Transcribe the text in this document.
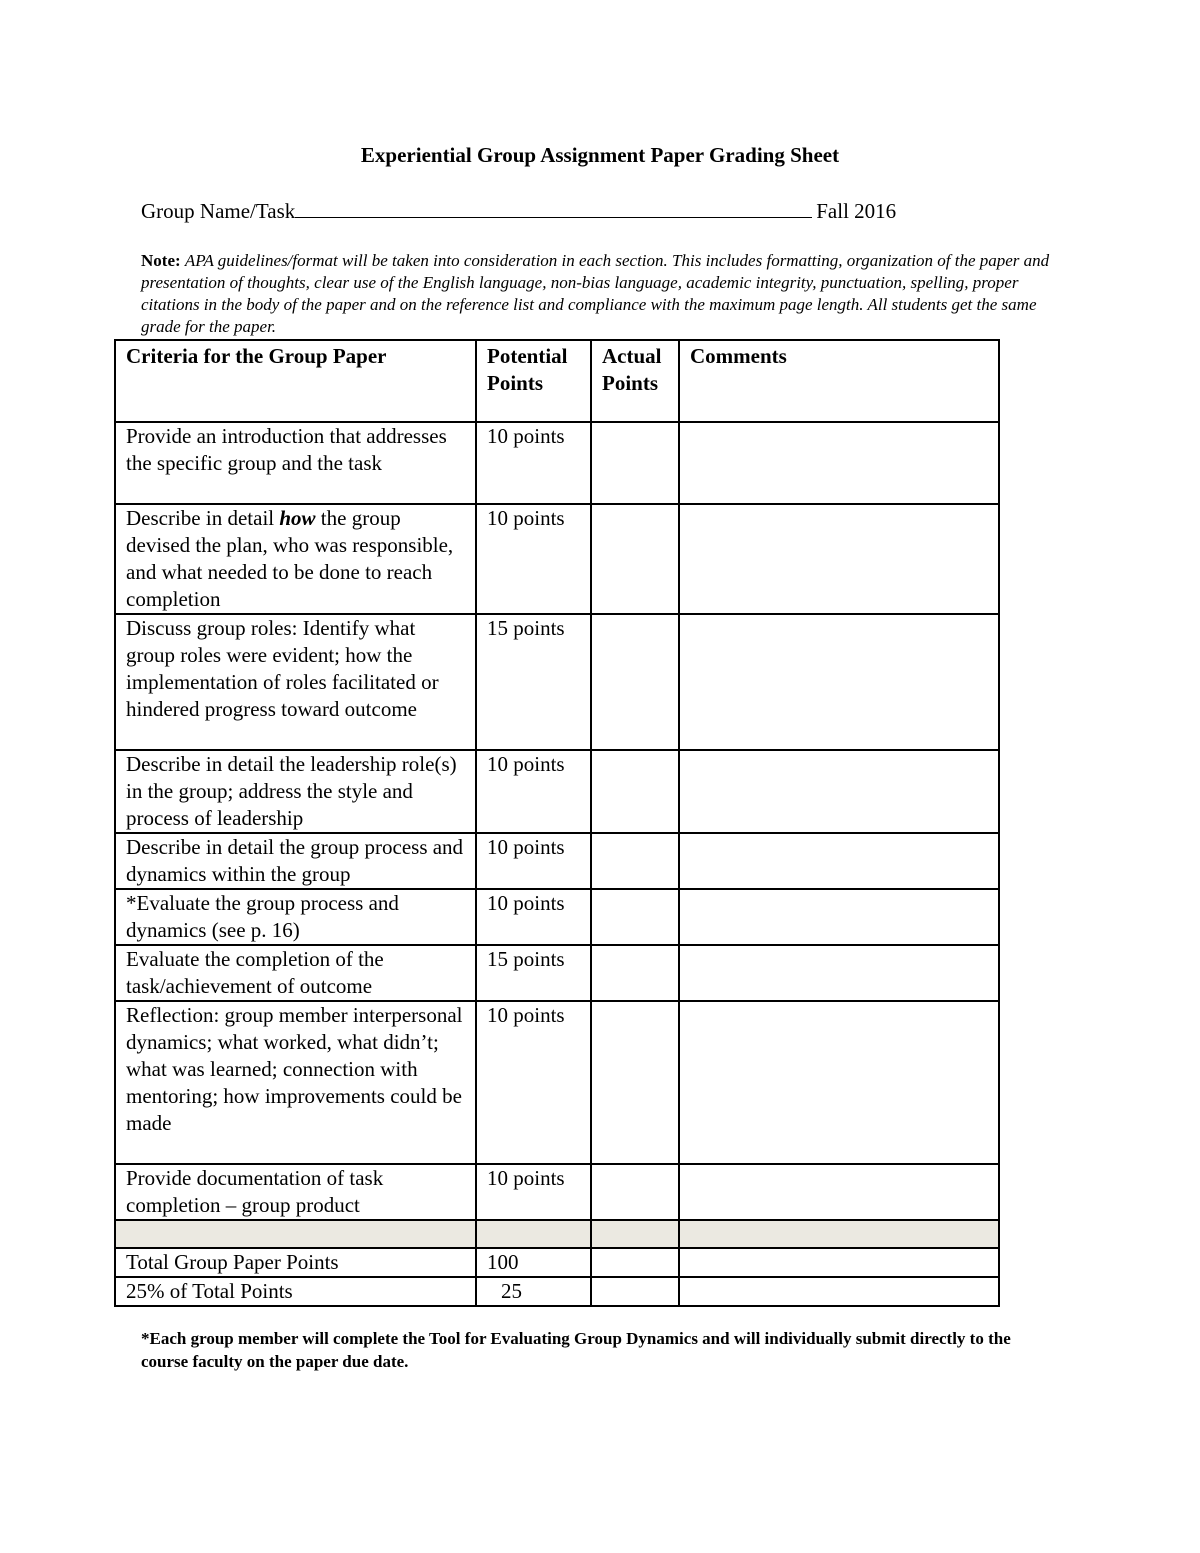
Experiential Group Assignment Paper Grading Sheet
Group Name/Task	Fall 2016
Note: APA guidelines/format will be taken into consideration in each section. This includes formatting, organization of the paper and presentation of thoughts, clear use of the English language, non-bias language, academic integrity, punctuation, spelling, proper citations in the body of the paper and on the reference list and compliance with the maximum page length. All students get the same grade for the paper.
Criteria for the Group Paper	Potential Points	Actual Points	Comments
Provide an introduction that addresses the specific group and the task	10 points		
Describe in detail how the group devised the plan, who was responsible, and what needed to be done to reach completion	10 points		
Discuss group roles: Identify what group roles were evident; how the implementation of roles facilitated or hindered progress toward outcome	15 points		
Describe in detail the leadership role(s) in the group; address the style and process of leadership	10 points		
Describe in detail the group process and dynamics within the group	10 points		
*Evaluate the group process and dynamics (see p. 16)	10 points		
Evaluate the completion of the task/achievement of outcome	15 points		
Reflection: group member interpersonal dynamics; what worked, what didn’t; what was learned; connection with mentoring; how improvements could be made	10 points		
Provide documentation of task completion – group product	10 points		

Total Group Paper Points	100		
25% of Total Points	25		
*Each group member will complete the Tool for Evaluating Group Dynamics and will individually submit directly to the course faculty on the paper due date.
